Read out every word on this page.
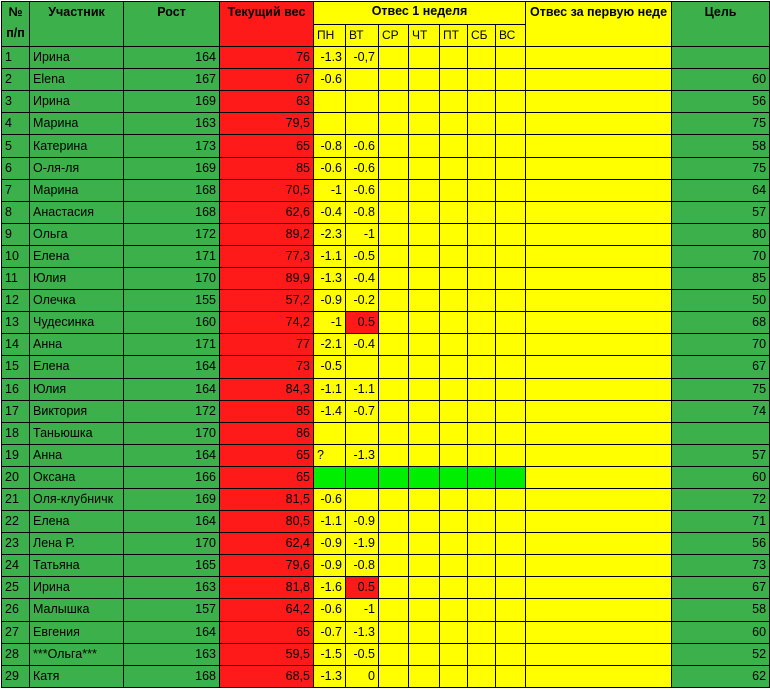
№ п/п	Участник	Рост	Текущий вес	Отвес 1 неделя							Отвес за первую неде	Цель
				ПН	ВТ	СР	ЧТ	ПТ	СБ	ВС		
1	Ирина	164	76	-1.3	-0,7							
2	Elena	167	67	-0.6								60
3	Ирина	169	63									56
4	Марина	163	79,5									75
5	Катерина	173	65	-0.8	-0.6							58
6	О-ля-ля	169	85	-0.6	-0.6							75
7	Марина	168	70,5	-1	-0.6							64
8	Анастасия	168	62,6	-0.4	-0.8							57
9	Ольга	172	89,2	-2.3	-1							80
10	Елена	171	77,3	-1.1	-0.5							70
11	Юлия	170	89,9	-1.3	-0.4							85
12	Олечка	155	57,2	-0.9	-0.2							50
13	Чудесинка	160	74,2	-1	0.5							68
14	Анна	171	77	-2.1	-0.4							70
15	Елена	164	73	-0.5								67
16	Юлия	164	84,3	-1.1	-1.1							75
17	Виктория	172	85	-1.4	-0.7							74
18	Таньюшка	170	86									
19	Анна	164	65	?	-1.3							57
20	Оксана	166	65									60
21	Оля-клубничк	169	81,5	-0.6								72
22	Елена	164	80,5	-1.1	-0.9							71
23	Лена Р.	170	62,4	-0.9	-1.9							56
24	Татьяна	165	79,6	-0.9	-0.8							73
25	Ирина	163	81,8	-1.6	0.5							67
26	Малышка	157	64,2	-0.6	-1							58
27	Евгения	164	65	-0.7	-1.3							60
28	***Ольга***	163	59,5	-1.5	-0.5							52
29	Катя	168	68,5	-1.3	0							62
